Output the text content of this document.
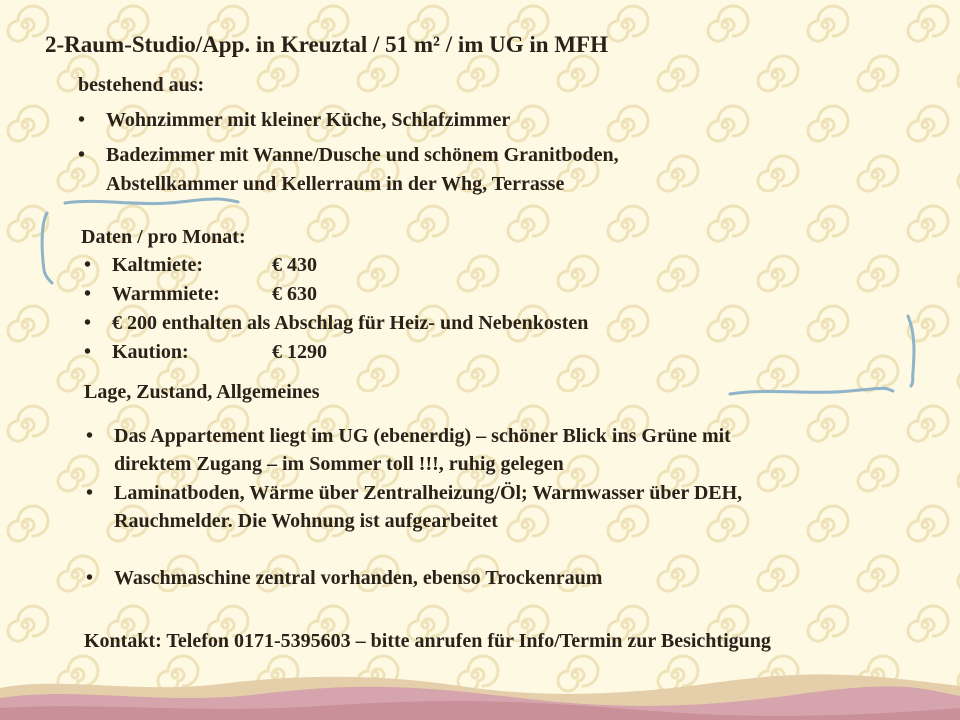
2-Raum-Studio/App. in Kreuztal / 51 m² / im UG in MFH
bestehend aus:
• Wohnzimmer mit kleiner Küche, Schlafzimmer
• Badezimmer mit Wanne/Dusche und schönem Granitboden,
Abstellkammer und Kellerraum in der Whg, Terrasse
Daten / pro Monat:
• Kaltmiete:	€ 430
• Warmmiete:	€ 630
• € 200 enthalten als Abschlag für Heiz- und Nebenkosten
• Kaution:	€ 1290
Lage, Zustand, Allgemeines
• Das Appartement liegt im UG (ebenerdig) – schöner Blick ins Grüne mit
direktem Zugang – im Sommer toll !!!, ruhig gelegen
• Laminatboden, Wärme über Zentralheizung/Öl; Warmwasser über DEH,
Rauchmelder. Die Wohnung ist aufgearbeitet
• Waschmaschine zentral vorhanden, ebenso Trockenraum
Kontakt: Telefon 0171-5395603 – bitte anrufen für Info/Termin zur Besichtigung
